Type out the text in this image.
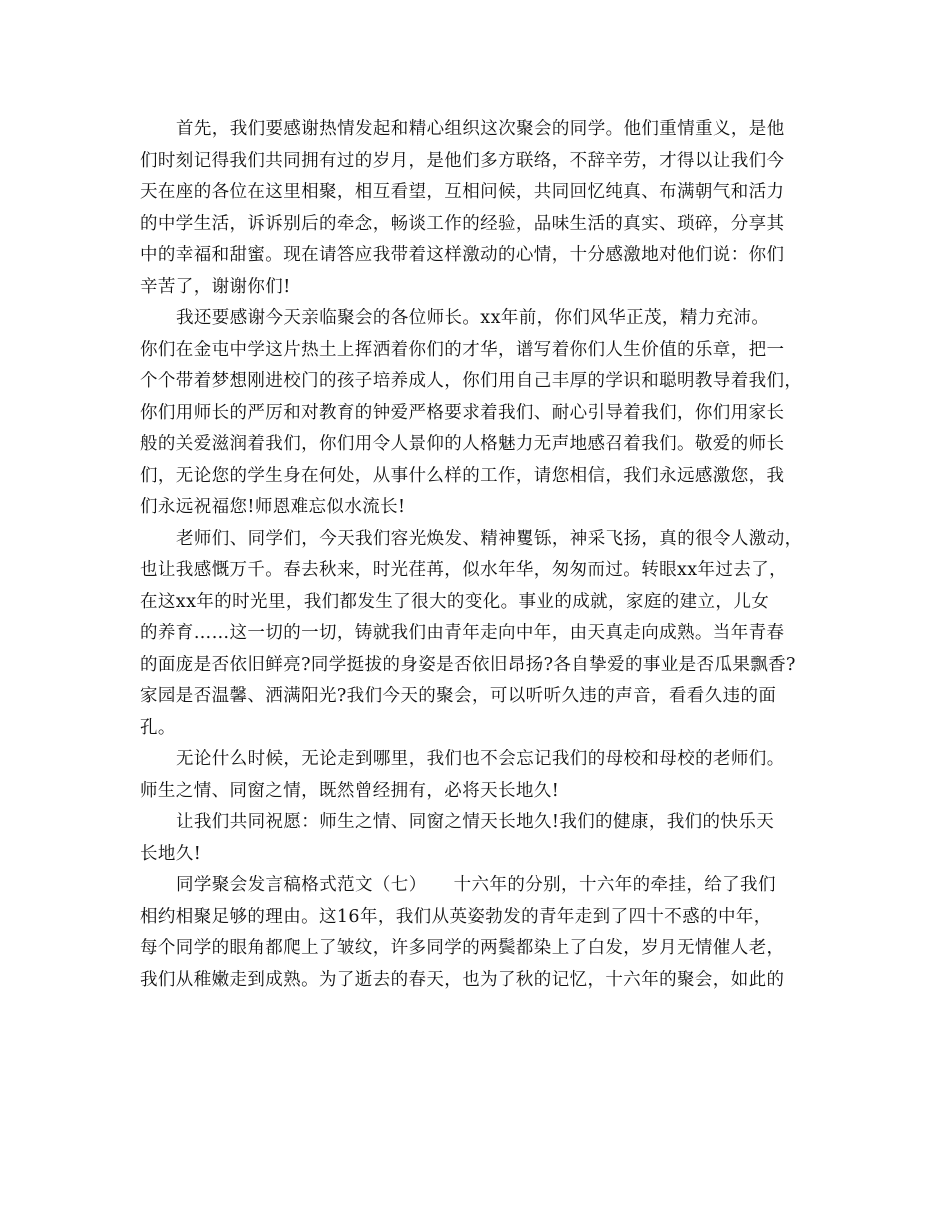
首先，我们要感谢热情发起和精心组织这次聚会的同学。他们重情重义，是他
们时刻记得我们共同拥有过的岁月，是他们多方联络，不辞辛劳，才得以让我们今
天在座的各位在这里相聚，相互看望，互相问候，共同回忆纯真、布满朝气和活力
的中学生活，诉诉别后的牵念，畅谈工作的经验，品味生活的真实、琐碎，分享其
中的幸福和甜蜜。现在请答应我带着这样激动的心情，十分感激地对他们说：你们
辛苦了，谢谢你们!
我还要感谢今天亲临聚会的各位师长。xx年前，你们风华正茂，精力充沛。
你们在金屯中学这片热土上挥洒着你们的才华，谱写着你们人生价值的乐章，把一
个个带着梦想刚进校门的孩子培养成人，你们用自己丰厚的学识和聪明教导着我们，
你们用师长的严厉和对教育的钟爱严格要求着我们、耐心引导着我们，你们用家长
般的关爱滋润着我们，你们用令人景仰的人格魅力无声地感召着我们。敬爱的师长
们，无论您的学生身在何处，从事什么样的工作，请您相信，我们永远感激您，我
们永远祝福您!师恩难忘似水流长!
老师们、同学们，今天我们容光焕发、精神矍铄，神采飞扬，真的很令人激动，
也让我感慨万千。春去秋来，时光荏苒，似水年华，匆匆而过。转眼xx年过去了，
在这xx年的时光里，我们都发生了很大的变化。事业的成就，家庭的建立，儿女
的养育……这一切的一切，铸就我们由青年走向中年，由天真走向成熟。当年青春
的面庞是否依旧鲜亮?同学挺拔的身姿是否依旧昂扬?各自挚爱的事业是否瓜果飘香?
家园是否温馨、洒满阳光?我们今天的聚会，可以听听久违的声音，看看久违的面
孔。
无论什么时候，无论走到哪里，我们也不会忘记我们的母校和母校的老师们。
师生之情、同窗之情，既然曾经拥有，必将天长地久!
让我们共同祝愿：师生之情、同窗之情天长地久!我们的健康，我们的快乐天
长地久!
同学聚会发言稿格式范文（七）　　十六年的分别，十六年的牵挂，给了我们
相约相聚足够的理由。这16年，我们从英姿勃发的青年走到了四十不惑的中年，
每个同学的眼角都爬上了皱纹，许多同学的两鬓都染上了白发，岁月无情催人老，
我们从稚嫩走到成熟。为了逝去的春天，也为了秋的记忆，十六年的聚会，如此的
